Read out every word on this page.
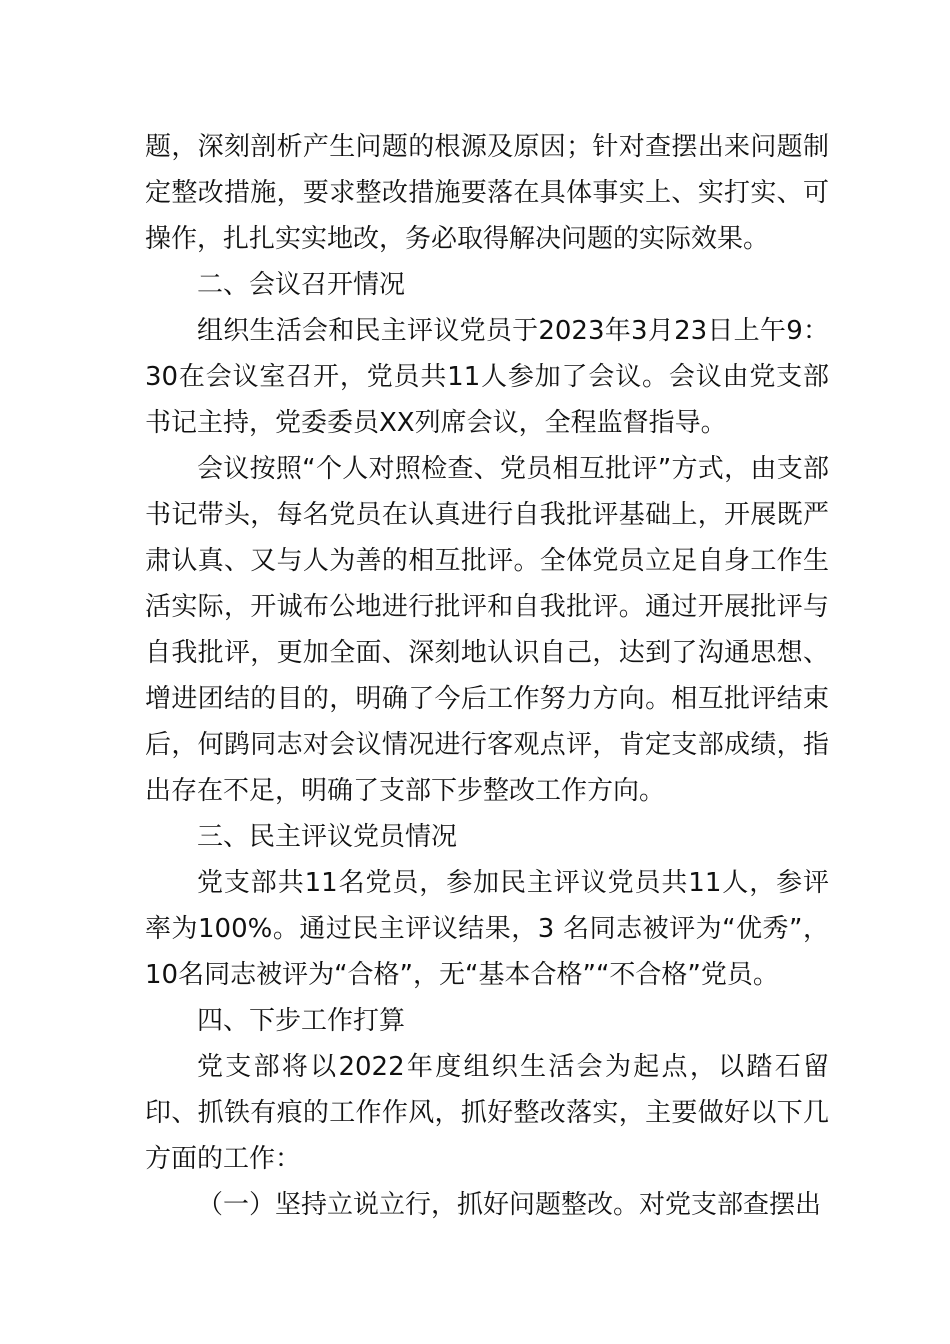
题，深刻剖析产生问题的根源及原因；针对查摆出来问题制定整改措施，要求整改措施要落在具体事实上、实打实、可操作，扎扎实实地改，务必取得解决问题的实际效果。

二、会议召开情况

组织生活会和民主评议党员于2023年3月23日上午9：30在会议室召开，党员共11人参加了会议。会议由党支部书记主持，党委委员XX列席会议，全程监督指导。

会议按照“个人对照检查、党员相互批评”方式，由支部书记带头，每名党员在认真进行自我批评基础上，开展既严肃认真、又与人为善的相互批评。全体党员立足自身工作生活实际，开诚布公地进行批评和自我批评。通过开展批评与自我批评，更加全面、深刻地认识自己，达到了沟通思想、增进团结的目的，明确了今后工作努力方向。相互批评结束后，何鹍同志对会议情况进行客观点评，肯定支部成绩，指出存在不足，明确了支部下步整改工作方向。

三、民主评议党员情况

党支部共11名党员，参加民主评议党员共11人，参评率为100%。通过民主评议结果，3 名同志被评为“优秀”， 10名同志被评为“合格”，无“基本合格”“不合格”党员。

四、下步工作打算

党支部将以2022年度组织生活会为起点，以踏石留印、抓铁有痕的工作作风，抓好整改落实，主要做好以下几方面的工作：

（一）坚持立说立行，抓好问题整改。对党支部查摆出
